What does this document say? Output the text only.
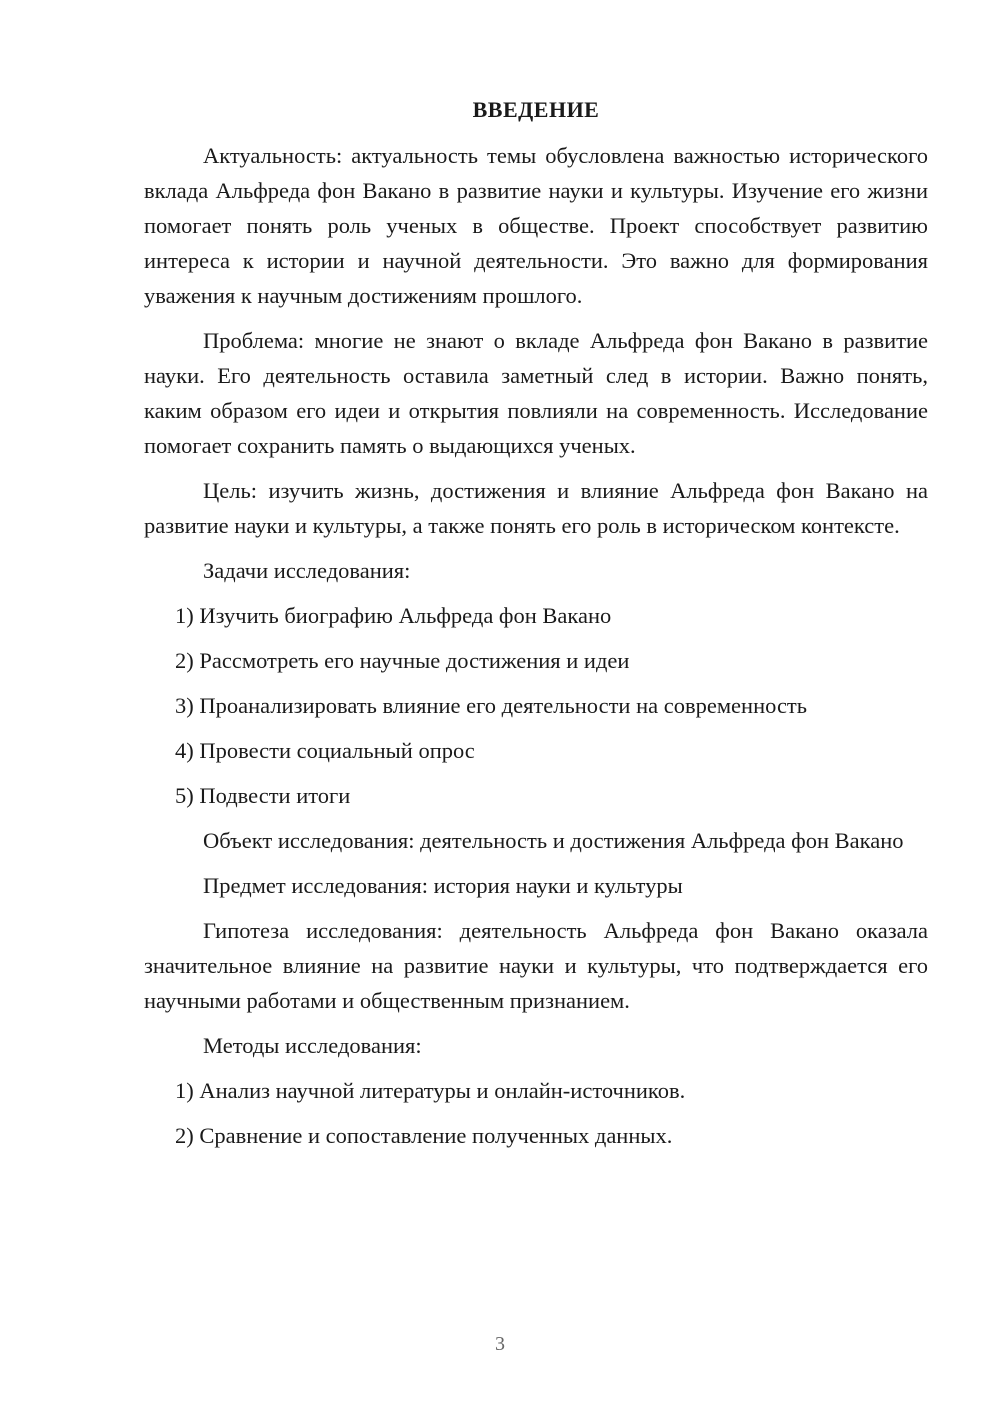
ВВЕДЕНИЕ

Актуальность: актуальность темы обусловлена важностью исторического вклада Альфреда фон Вакано в развитие науки и культуры. Изучение его жизни помогает понять роль ученых в обществе. Проект способствует развитию интереса к истории и научной деятельности. Это важно для формирования уважения к научным достижениям прошлого.

Проблема: многие не знают о вкладе Альфреда фон Вакано в развитие науки. Его деятельность оставила заметный след в истории. Важно понять, каким образом его идеи и открытия повлияли на современность. Исследование помогает сохранить память о выдающихся ученых.

Цель: изучить жизнь, достижения и влияние Альфреда фон Вакано на развитие науки и культуры, а также понять его роль в историческом контексте.

Задачи исследования:

1) Изучить биографию Альфреда фон Вакано
2) Рассмотреть его научные достижения и идеи
3) Проанализировать влияние его деятельности на современность
4) Провести социальный опрос
5) Подвести итоги

Объект исследования: деятельность и достижения Альфреда фон Вакано

Предмет исследования: история науки и культуры

Гипотеза исследования: деятельность Альфреда фон Вакано оказала значительное влияние на развитие науки и культуры, что подтверждается его научными работами и общественным признанием.

Методы исследования:

1) Анализ научной литературы и онлайн-источников.
2) Сравнение и сопоставление полученных данных.
3
